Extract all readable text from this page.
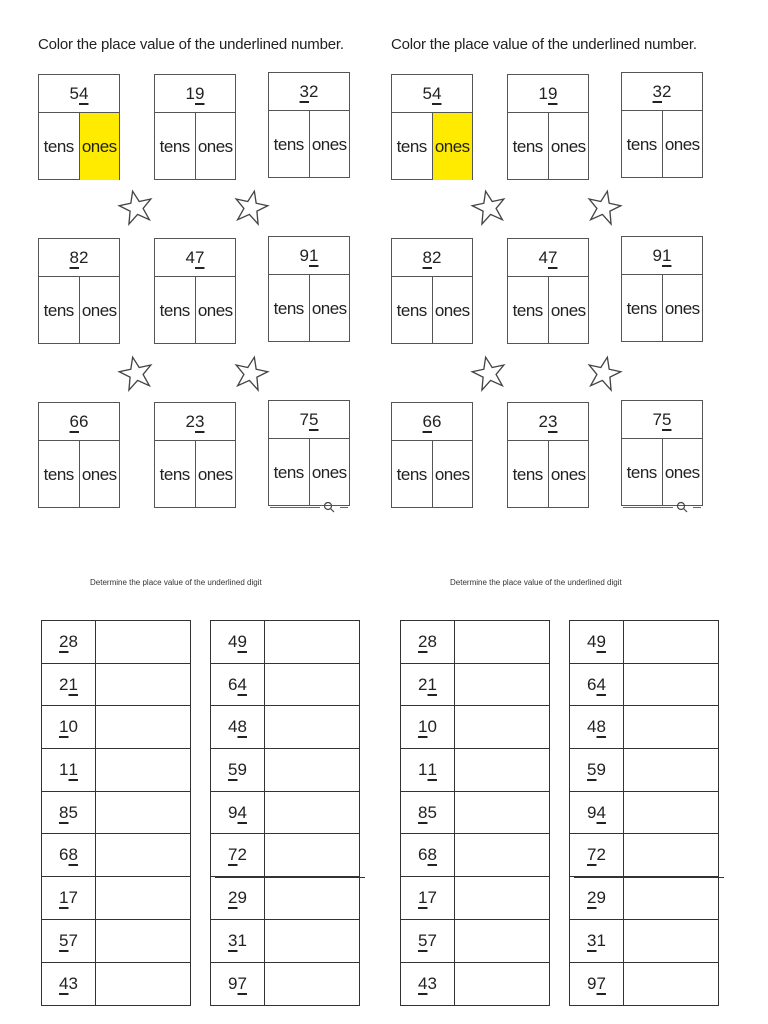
Color the place value of the underlined number.
5 4
tens ones
1 9
tens ones
3 2
tens ones
8 2
tens ones
4 7
tens ones
9 1
tens ones
6 6
tens ones
2 3
tens ones
7 5
tens ones
Color the place value of the underlined number.
5 4
tens ones
1 9
tens ones
3 2
tens ones
8 2
tens ones
4 7
tens ones
9 1
tens ones
6 6
tens ones
2 3
tens ones
7 5
tens ones
Determine the place value of the underlined digit	Determine the place value of the underlined digit
2 8
2 1
1 0
1 1
8 5
6 8
1 7
5 7
4 3
4 9
6 4
4 8
5 9
9 4
7 2
2 9
3 1
9 7
2 8
2 1
1 0
1 1
8 5
6 8
1 7
5 7
4 3
4 9
6 4
4 8
5 9
9 4
7 2
2 9
3 1
9 7
